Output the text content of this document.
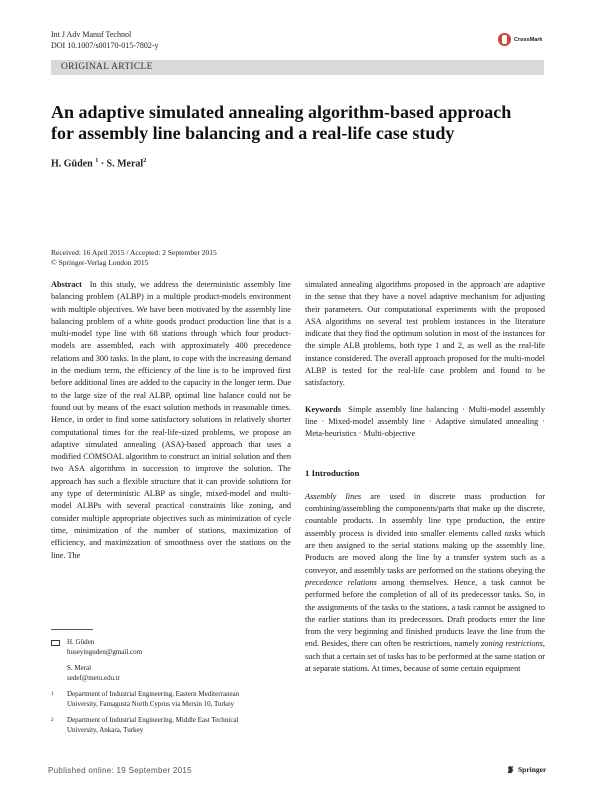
Int J Adv Manuf Technol
DOI 10.1007/s00170-015-7802-y
CrossMark
ORIGINAL ARTICLE
An adaptive simulated annealing algorithm-based approach
for assembly line balancing and a real-life case study
H. Güden $^1$ · S. Meral$^2$
Received: 16 April 2015 / Accepted: 2 September 2015
© Springer-Verlag London 2015

Abstract In this study, we address the deterministic assembly line balancing problem (ALBP) in a multiple product-models environment with multiple objectives. We have been motivated by the assembly line balancing problem of a white goods product production line that is a multi-model type line with 68 stations through which four product-models are assembled, each with approximately 400 precedence relations and 300 tasks. In the plant, to cope with the increasing demand in the medium term, the efficiency of the line is to be improved first before additional lines are added to the capacity in the longer term. Due to the large size of the real ALBP, optimal line balance could not be found out by means of the exact solution methods in reasonable times. Hence, in order to find some satisfactory solutions in relatively shorter computational times for the real-life-sized problems, we propose an adaptive simulated annealing (ASA)-based approach that uses a modified COMSOAL algorithm to construct an initial solution and then two ASA algorithms in succession to improve the solution. The approach has such a flexible structure that it can provide solutions for any type of deterministic ALBP as single, mixed-model and multi-model ALBPs with several practical constraints like zoning, and consider multiple appropriate objectives such as minimization of cycle time, minimization of the number of stations, maximization of efficiency, and maximization of smoothness over the stations on the line. The

simulated annealing algorithms proposed in the approach are adaptive in the sense that they have a novel adaptive mechanism for adjusting their parameters. Our computational experiments with the proposed ASA algorithms on several test problem instances in the literature indicate that they find the optimum solution in most of the instances for the simple ALB problems, both type 1 and 2, as well as the real-life instance considered. The overall approach proposed for the multi-model ALBP is tested for the real-life case problem and found to be satisfactory.

Keywords Simple assembly line balancing · Multi-model assembly line · Mixed-model assembly line · Adaptive simulated annealing · Meta-heuristics · Multi-objective

1 Introduction

Assembly lines are used in discrete mass production for combining/assembling the components/parts that make up the discrete, countable products. In assembly line type production, the entire assembly process is divided into smaller elements called tasks which are then assigned to the serial stations making up the assembly line. Products are moved along the line by a transfer system such as a conveyor, and assembly tasks are performed on the stations obeying the precedence relations among themselves. Hence, a task cannot be performed before the completion of all of its predecessor tasks. So, in the assignments of the tasks to the stations, a task cannot be assigned to the earlier stations than its predecessors. Draft products enter the line from the very beginning and finished products leave the line from the end. Besides, there can often be restrictions, namely zoning restrictions, such that a certain set of tasks has to be performed at the same station or at separate stations. At times, because of some certain equipment

H. Güden
huseyinguden@gmail.com
S. Meral
sedef@metu.edu.tr
1 Department of Industrial Engineering, Eastern Mediterranean
University, Famagusta North Cyprus via Mersin 10, Turkey
2 Department of Industrial Engineering, Middle East Technical
University, Ankara, Turkey
Published online: 19 September 2015	Springer
